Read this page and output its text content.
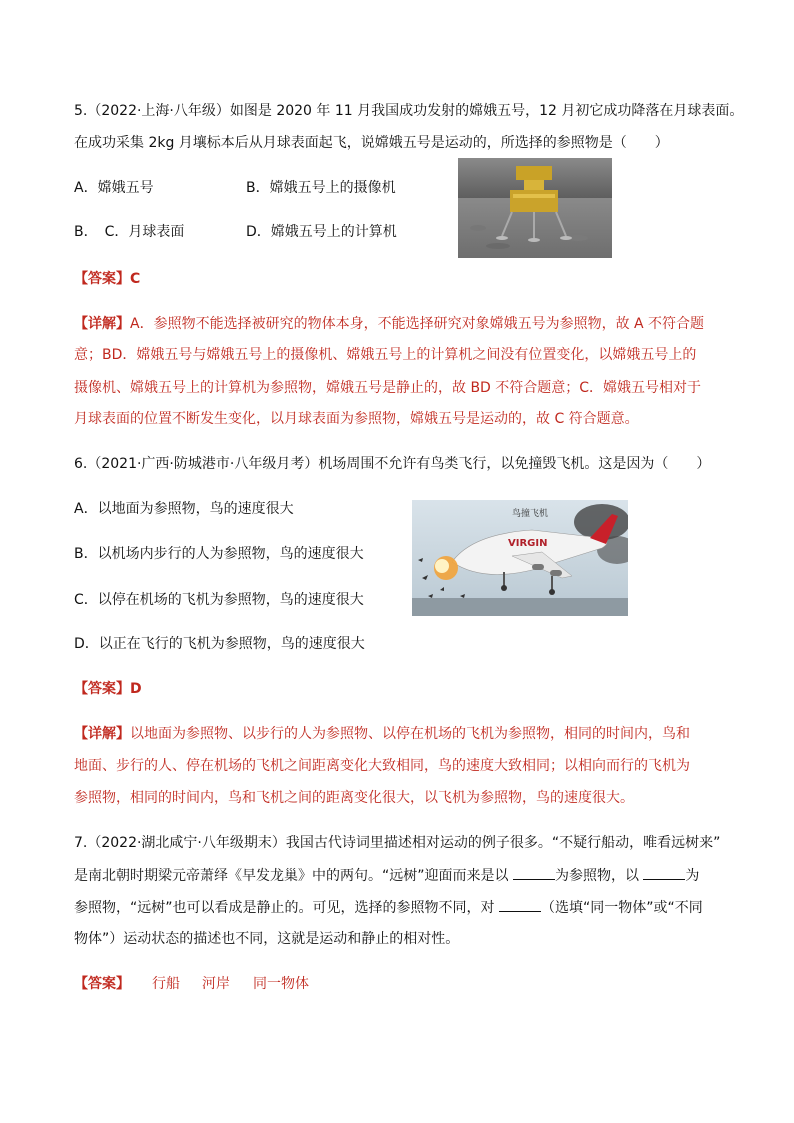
5.（2022·上海·八年级）如图是 2020 年 11 月我国成功发射的嫦娥五号，12 月初它成功降落在月球表面。
在成功采集 2kg 月壤标本后从月球表面起飞，说嫦娥五号是运动的，所选择的参照物是（　　）
A．嫦娥五号	B．嫦娥五号上的摄像机
B．　C．月球表面	D．嫦娥五号上的计算机
【答案】C
【详解】A．参照物不能选择被研究的物体本身，不能选择研究对象嫦娥五号为参照物，故 A 不符合题
意；BD．嫦娥五号与嫦娥五号上的摄像机、嫦娥五号上的计算机之间没有位置变化，以嫦娥五号上的
摄像机、嫦娥五号上的计算机为参照物，嫦娥五号是静止的，故 BD 不符合题意；C．嫦娥五号相对于
月球表面的位置不断发生变化，以月球表面为参照物，嫦娥五号是运动的，故 C 符合题意。
6.（2021·广西·防城港市·八年级月考）机场周围不允许有鸟类飞行，以免撞毁飞机。这是因为（　　）
A．以地面为参照物，鸟的速度很大
B．以机场内步行的人为参照物，鸟的速度很大
C．以停在机场的飞机为参照物，鸟的速度很大
D．以正在飞行的飞机为参照物，鸟的速度很大
VIRGIN
鸟撞飞机
【答案】D
【详解】以地面为参照物、以步行的人为参照物、以停在机场的飞机为参照物，相同的时间内，鸟和
地面、步行的人、停在机场的飞机之间距离变化大致相同，鸟的速度大致相同；以相向而行的飞机为
参照物，相同的时间内，鸟和飞机之间的距离变化很大，以飞机为参照物，鸟的速度很大。
7.（2022·湖北咸宁·八年级期末）我国古代诗词里描述相对运动的例子很多。“不疑行船动，唯看远树来”
是南北朝时期梁元帝萧绎《早发龙巢》中的两句。“远树”迎面而来是以	为参照物，以	为
参照物，“远树”也可以看成是静止的。可见，选择的参照物不同，对	（选填“同一物体”或“不同
物体”）运动状态的描述也不同，这就是运动和静止的相对性。
【答案】 行船 河岸 同一物体
